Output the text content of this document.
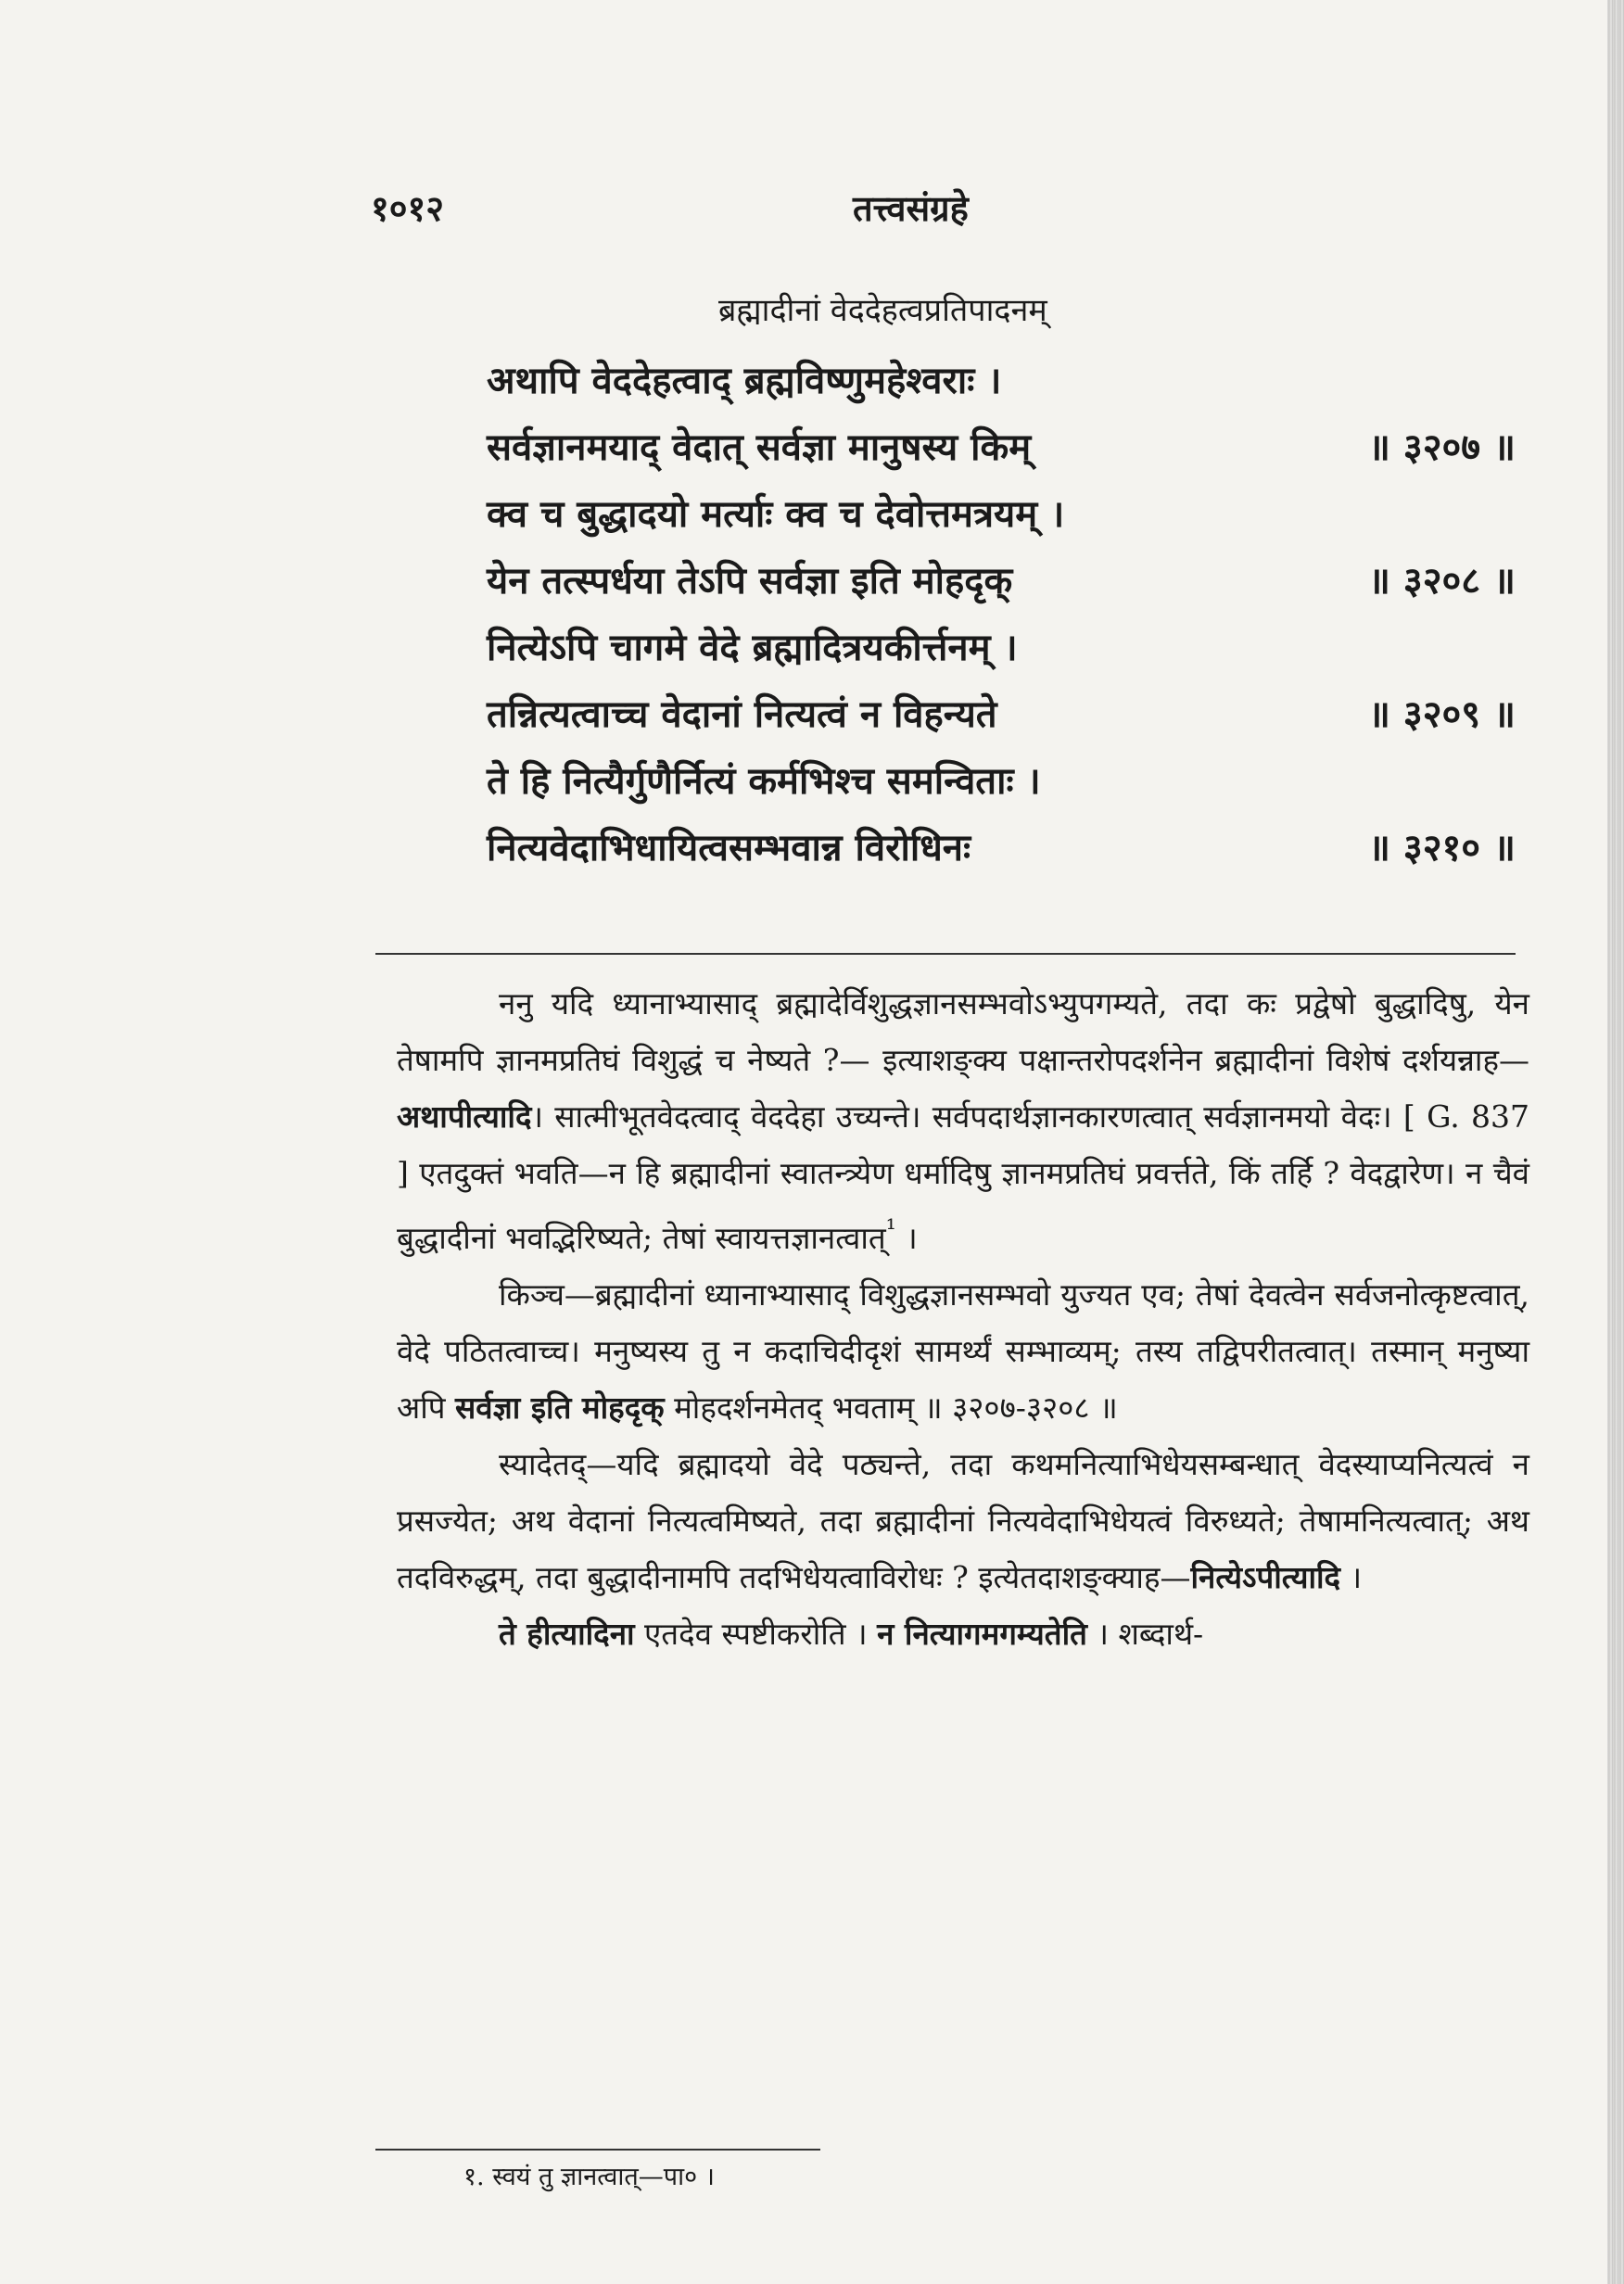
१०१२	तत्त्वसंग्रहे
ब्रह्मादीनां वेददेहत्वप्रतिपादनम्
अथापि वेददेहत्वाद् ब्रह्मविष्णुमहेश्वराः ।
सर्वज्ञानमयाद् वेदात् सर्वज्ञा मानुषस्य किम्	॥ ३२०७ ॥
क्व च बुद्धादयो मर्त्याः क्व च देवोत्तमत्रयम् ।
येन तत्स्पर्धया तेऽपि सर्वज्ञा इति मोहदृक्	॥ ३२०८ ॥
नित्येऽपि चागमे वेदे ब्रह्मादित्रयकीर्त्तनम् ।
तन्नित्यत्वाच्च वेदानां नित्यत्वं न विहन्यते	॥ ३२०९ ॥
ते हि नित्यैर्गुणैर्नित्यं कर्मभिश्च समन्विताः ।
नित्यवेदाभिधायित्वसम्भवान्न विरोधिनः	॥ ३२१० ॥

ननु यदि ध्यानाभ्यासाद् ब्रह्मादेर्विशुद्धज्ञानसम्भवोऽभ्युपगम्यते, तदा कः प्रद्वेषो बुद्धादिषु, येन तेषामपि ज्ञानमप्रतिघं विशुद्धं च नेष्यते ?— इत्याशङ्क्य पक्षान्तरोपदर्शनेन ब्रह्मादीनां विशेषं दर्शयन्नाह—अथापीत्यादि। सात्मीभूतवेदत्वाद् वेददेहा उच्यन्ते। सर्वपदार्थज्ञानकारणत्वात् सर्वज्ञानमयो वेदः। [ G. 837 ] एतदुक्तं भवति—न हि ब्रह्मादीनां स्वातन्त्र्येण धर्मादिषु ज्ञानमप्रतिघं प्रवर्त्तते, किं तर्हि ? वेदद्वारेण। न चैवं बुद्धादीनां भवद्भिरिष्यते; तेषां स्वायत्तज्ञानत्वात्$^{^1}$ ।

किञ्च—ब्रह्मादीनां ध्यानाभ्यासाद् विशुद्धज्ञानसम्भवो युज्यत एव; तेषां देवत्वेन सर्वजनोत्कृष्टत्वात्, वेदे पठितत्वाच्च। मनुष्यस्य तु न कदाचिदीदृशं सामर्थ्यं सम्भाव्यम्; तस्य तद्विपरीतत्वात्। तस्मान् मनुष्या अपि सर्वज्ञा इति मोहदृक् मोहदर्शनमेतद् भवताम् ॥ ३२०७-३२०८ ॥

स्यादेतद्—यदि ब्रह्मादयो वेदे पठ्यन्ते, तदा कथमनित्याभिधेयसम्बन्धात् वेदस्याप्यनित्यत्वं न प्रसज्येत; अथ वेदानां नित्यत्वमिष्यते, तदा ब्रह्मादीनां नित्यवेदाभिधेयत्वं विरुध्यते; तेषामनित्यत्वात्; अथ तदविरुद्धम्, तदा बुद्धादीनामपि तदभिधेयत्वाविरोधः ? इत्येतदाशङ्क्याह—नित्येऽपीत्यादि ।

ते हीत्यादिना एतदेव स्पष्टीकरोति । न नित्यागमगम्यतेति । शब्दार्थ-

१. स्वयं तु ज्ञानत्वात्—पा० ।
